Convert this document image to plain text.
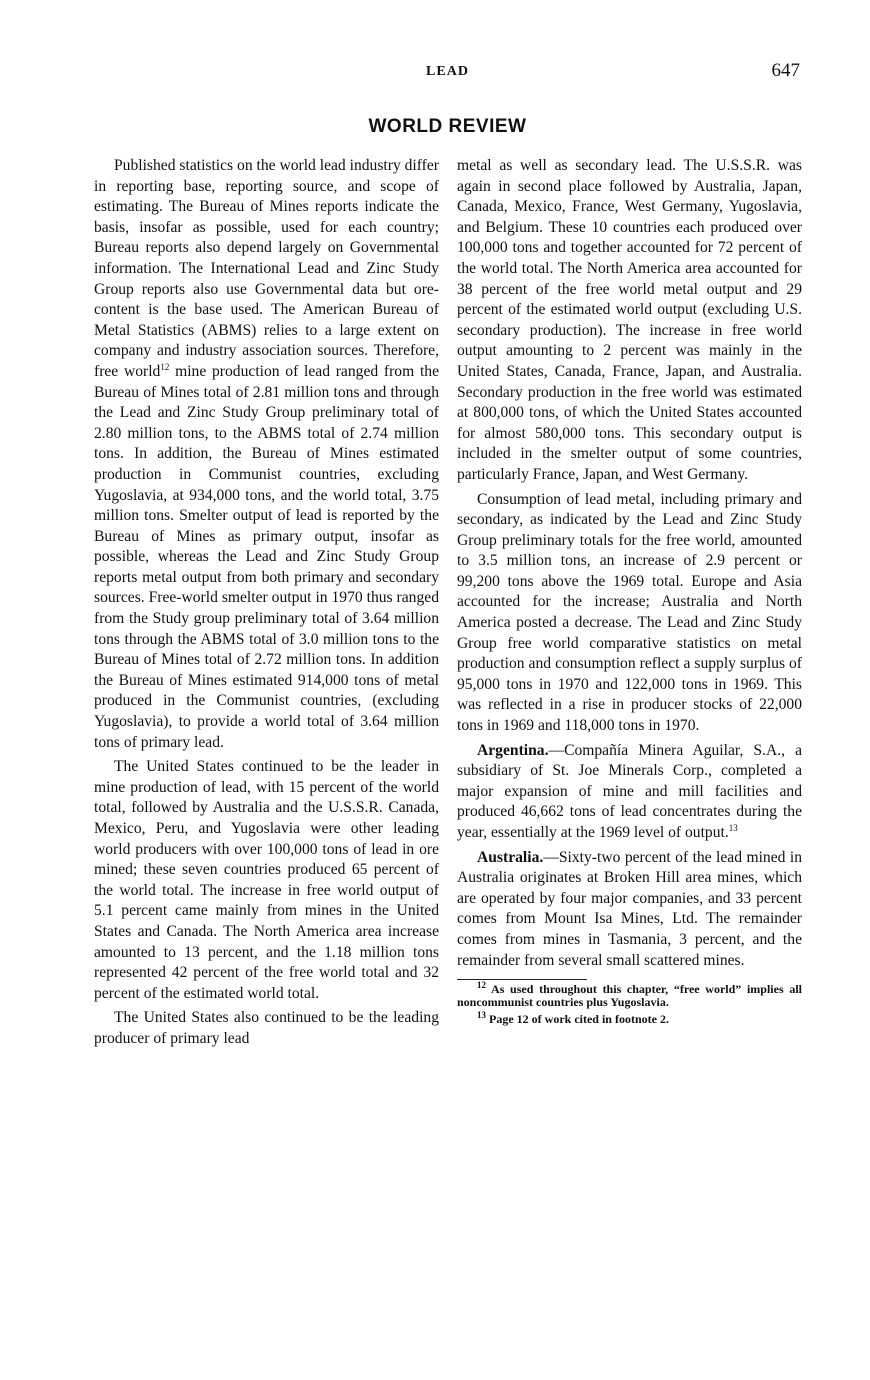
LEAD	647
WORLD REVIEW

Published statistics on the world lead industry differ in reporting base, reporting source, and scope of estimating. The Bureau of Mines reports indicate the basis, insofar as possible, used for each country; Bureau reports also depend largely on Governmental information. The International Lead and Zinc Study Group reports also use Governmental data but ore-content is the base used. The American Bureau of Metal Statistics (ABMS) relies to a large extent on company and industry association sources. Therefore, free world$^{12}$ mine production of lead ranged from the Bureau of Mines total of 2.81 million tons and through the Lead and Zinc Study Group preliminary total of 2.80 million tons, to the ABMS total of 2.74 million tons. In addition, the Bureau of Mines estimated production in Communist countries, excluding Yugoslavia, at 934,000 tons, and the world total, 3.75 million tons. Smelter output of lead is reported by the Bureau of Mines as primary output, insofar as possible, whereas the Lead and Zinc Study Group reports metal output from both primary and secondary sources. Free-world smelter output in 1970 thus ranged from the Study group preliminary total of 3.64 million tons through the ABMS total of 3.0 million tons to the Bureau of Mines total of 2.72 million tons. In addition the Bureau of Mines estimated 914,000 tons of metal produced in the Communist countries, (excluding Yugoslavia), to provide a world total of 3.64 million tons of primary lead.

The United States continued to be the leader in mine production of lead, with 15 percent of the world total, followed by Australia and the U.S.S.R. Canada, Mexico, Peru, and Yugoslavia were other leading world producers with over 100,000 tons of lead in ore mined; these seven countries produced 65 percent of the world total. The increase in free world output of 5.1 percent came mainly from mines in the United States and Canada. The North America area increase amounted to 13 percent, and the 1.18 million tons represented 42 percent of the free world total and 32 percent of the estimated world total.

The United States also continued to be the leading producer of primary lead

metal as well as secondary lead. The U.S.S.R. was again in second place followed by Australia, Japan, Canada, Mexico, France, West Germany, Yugoslavia, and Belgium. These 10 countries each produced over 100,000 tons and together accounted for 72 percent of the world total. The North America area accounted for 38 percent of the free world metal output and 29 percent of the estimated world output (excluding U.S. secondary production). The increase in free world output amounting to 2 percent was mainly in the United States, Canada, France, Japan, and Australia. Secondary production in the free world was estimated at 800,000 tons, of which the United States accounted for almost 580,000 tons. This secondary output is included in the smelter output of some countries, particularly France, Japan, and West Germany.

Consumption of lead metal, including primary and secondary, as indicated by the Lead and Zinc Study Group preliminary totals for the free world, amounted to 3.5 million tons, an increase of 2.9 percent or 99,200 tons above the 1969 total. Europe and Asia accounted for the increase; Australia and North America posted a decrease. The Lead and Zinc Study Group free world comparative statistics on metal production and consumption reflect a supply surplus of 95,000 tons in 1970 and 122,000 tons in 1969. This was reflected in a rise in producer stocks of 22,000 tons in 1969 and 118,000 tons in 1970.

Argentina.—Compañía Minera Aguilar, S.A., a subsidiary of St. Joe Minerals Corp., completed a major expansion of mine and mill facilities and produced 46,662 tons of lead concentrates during the year, essentially at the 1969 level of output.$^{13}$

Australia.—Sixty-two percent of the lead mined in Australia originates at Broken Hill area mines, which are operated by four major companies, and 33 percent comes from Mount Isa Mines, Ltd. The remainder comes from mines in Tasmania, 3 percent, and the remainder from several small scattered mines.

$^{12}$ As used throughout this chapter, “free world” implies all noncommunist countries plus Yugoslavia.

$^{13}$ Page 12 of work cited in footnote 2.
